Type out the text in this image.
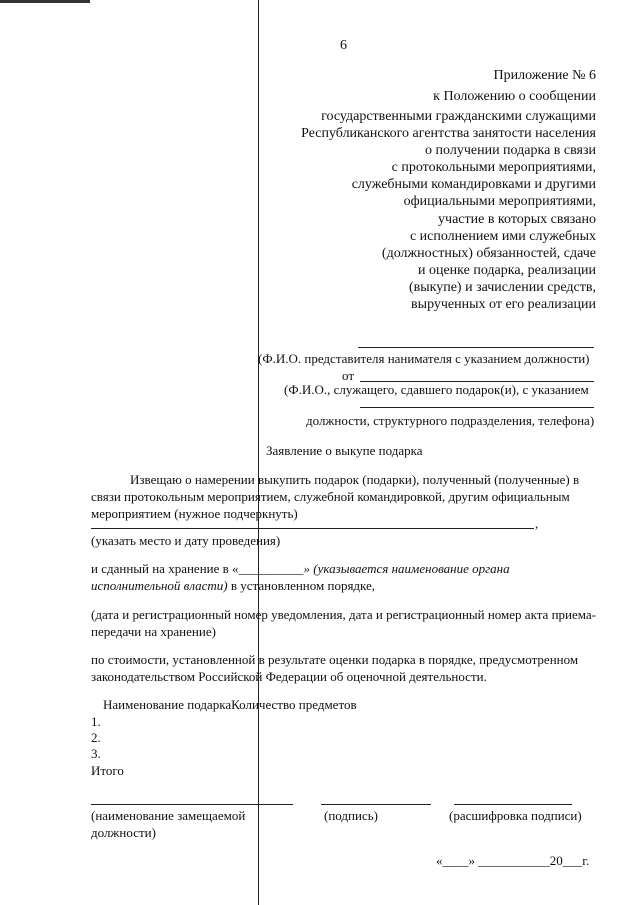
6
Приложение № 6
к Положению о сообщении
государственными гражданскими служащими
Республиканского агентства занятости населения
о получении подарка в связи
с протокольными мероприятиями,
служебными командировками и другими
официальными мероприятиями,
участие в которых связано
с исполнением ими служебных
(должностных) обязанностей, сдаче
и оценке подарка, реализации
(выкупе) и зачислении средств,
вырученных от его реализации
(Ф.И.О. представителя нанимателя с указанием должности)
от
(Ф.И.О., служащего, сдавшего подарок(и), с указанием
должности, структурного подразделения, телефона)
Заявление о выкупе подарка
Извещаю о намерении выкупить подарок (подарки), полученный (полученные) в
связи протокольным мероприятием, служебной командировкой, другим официальным
мероприятием (нужное подчеркнуть)
,
(указать место и дату проведения)
и сданный на хранение в «__________» (указывается наименование органа
исполнительной власти) в установленном порядке,
(дата и регистрационный номер уведомления, дата и регистрационный номер акта приема-
передачи на хранение)
по стоимости, установленной в результате оценки подарка в порядке, предусмотренном
законодательством Российской Федерации об оценочной деятельности.
Наименование подаркаКоличество предметов
1.
2.
3.
Итого
(наименование замещаемой
должности)
(подпись)	(расшифровка подписи)
«____» ___________20___г.
